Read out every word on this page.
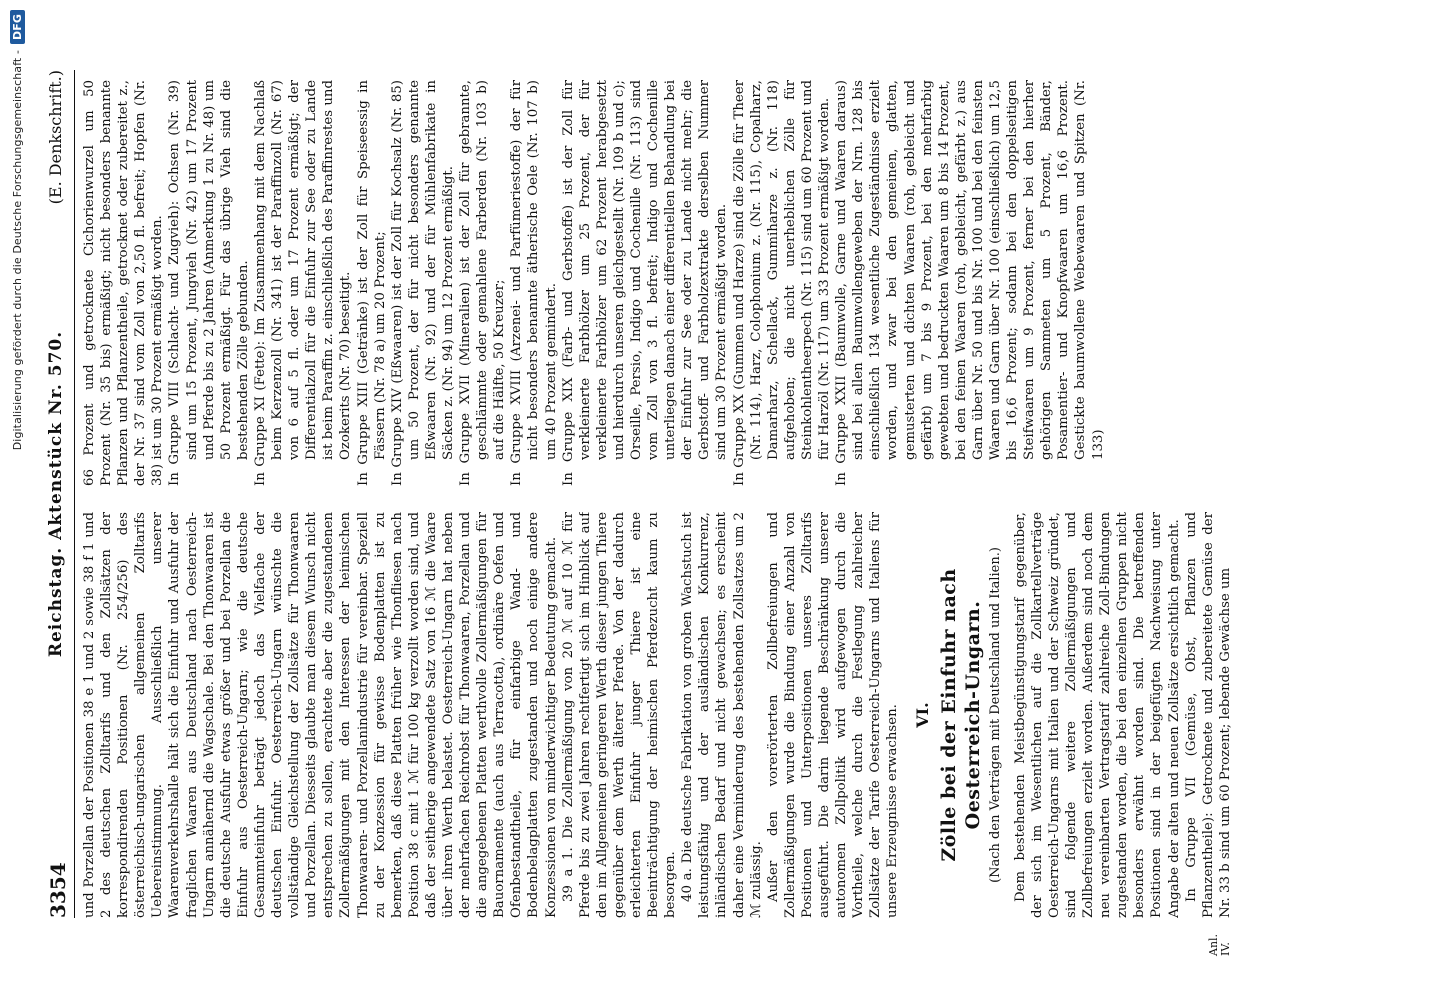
Digitalisierung gefördert durch die Deutsche Forschungsgemeinschaft -
DFG
3354
Reichstag. Aktenstück Nr. 570.
(E. Denkschrift.)

und Porzellan der Positionen 38 e 1 und 2 sowie 38 f 1 und 2 des deutschen Zolltarifs und den Zollsätzen der korrespondirenden Positionen (Nr. 254/256) des österreichisch-ungarischen allgemeinen Zolltarifs Uebereinstimmung. Ausschließlich unserer Waarenverkehrshalle hält sich die Einfuhr und Ausfuhr der fraglichen Waaren aus Deutschland nach Oesterreich-Ungarn annähernd die Wagschale. Bei den Thonwaaren ist die deutsche Ausfuhr etwas größer und bei Porzellan die Einfuhr aus Oesterreich-Ungarn; wie die deutsche Gesammteinfuhr beträgt jedoch das Vielfache der deutschen Einfuhr. Oesterreich-Ungarn wünschte die vollständige Gleichstellung der Zollsätze für Thonwaaren und Porzellan. Diesseits glaubte man diesem Wunsch nicht entsprechen zu sollen, erachtete aber die zugestandenen Zollermäßigungen mit den Interessen der heimischen Thonwaaren- und Porzellanindustrie für vereinbar. Speziell zu der Konzession für gewisse Bodenplatten ist zu bemerken, daß diese Platten früher wie Thonfliesen nach Position 38 c mit 1 ℳ für 100 kg verzollt worden sind, und daß der seitherige angewendete Satz von 16 ℳ die Waare über ihren Werth belastet. Oesterreich-Ungarn hat neben der mehrfachen Reichrobst für Thonwaaren, Porzellan und die angegebenen Platten werthvolle Zollermäßigungen für Bauornamente (auch aus Terracotta), ordinäre Oefen und Ofenbestandtheile, für einfarbige Wand- und Bodenbelagplatten zugestanden und noch einige andere Konzessionen von minderwichtiger Bedeutung gemacht. 39 a 1. Die Zollermäßigung von 20 ℳ auf 10 ℳ für Pferde bis zu zwei Jahren rechtfertigt sich im Hinblick auf den im Allgemeinen geringeren Werth dieser jungen Thiere gegenüber dem Werth älterer Pferde. Von der dadurch erleichterten Einfuhr junger Thiere ist eine Beeinträchtigung der heimischen Pferdezucht kaum zu besorgen. 40 a. Die deutsche Fabrikation von groben Wachstuch ist leistungsfähig und der ausländischen Konkurrenz, inländischen Bedarf und nicht gewachsen; es erscheint daher eine Verminderung des bestehenden Zollsatzes um 2 ℳ zulässig. Außer den vorerörterten Zollbefreiungen und Zollermäßigungen wurde die Bindung einer Anzahl von Positionen und Unterpositionen unseres Zolltarifs ausgeführt. Die darin liegende Beschränkung unserer autonomen Zollpolitik wird aufgewogen durch die Vortheile, welche durch die Festlegung zahlreicher Zollsätze der Tarife Oesterreich-Ungarns und Italiens für unsere Erzeugnisse erwachsen. VI. Zölle bei der Einfuhr nach Oesterreich-Ungarn. (Nach den Verträgen mit Deutschland und Italien.) Dem bestehenden Meistbegünstigungstarif gegenüber, der sich im Wesentlichen auf die Zollkartellverträge Oesterreich-Ungarns mit Italien und der Schweiz gründet, sind folgende weitere Zollermäßigungen und Zollbefreiungen erzielt worden. Außerdem sind noch dem neu vereinbarten Vertragstarif zahlreiche Zoll-Bindungen zugestanden worden, die bei den einzelnen Gruppen nicht besonders erwähnt worden sind. Die betreffenden Positionen sind in der beigefügten Nachweisung unter Angabe der alten und neuen Zollsätze ersichtlich gemacht. In Gruppe VII (Gemüse, Obst, Pflanzen und Pflanzentheile): Getrocknete und zubereitete Gemüse der Nr. 33 b sind um 60 Prozent; lebende Gewächse um

66 Prozent und getrocknete Cichorienwurzel um 50 Prozent (Nr. 35 bis) ermäßigt; nicht besonders benannte Pflanzen und Pflanzentheile, getrocknet oder zubereitet z., der Nr. 37 sind vom Zoll von 2,50 fl. befreit; Hopfen (Nr. 38) ist um 30 Prozent ermäßigt worden. In Gruppe VIII (Schlacht- und Zugvieh): Ochsen (Nr. 39) sind um 15 Prozent, Jungvieh (Nr. 42) um 17 Prozent und Pferde bis zu 2 Jahren (Anmerkung 1 zu Nr. 48) um 50 Prozent ermäßigt. Für das übrige Vieh sind die bestehenden Zölle gebunden. In Gruppe XI (Fette): Im Zusammenhang mit dem Nachlaß beim Kerzenzoll (Nr. 341) ist der Paraffinzoll (Nr. 67) von 6 auf 5 fl. oder um 17 Prozent ermäßigt; der Differentialzoll für die Einfuhr zur See oder zu Lande ist beim Paraffin z. einschließlich des Paraffinrestes und Ozokerits (Nr. 70) beseitigt. In Gruppe XIII (Getränke) ist der Zoll für Speiseessig in Fässern (Nr. 78 a) um 20 Prozent; In Gruppe XIV (Eßwaaren) ist der Zoll für Kochsalz (Nr. 85) um 50 Prozent, der für nicht besonders genannte Eßwaaren (Nr. 92) und der für Mühlenfabrikate in Säcken z. (Nr. 94) um 12 Prozent ermäßigt. In Gruppe XVII (Mineralien) ist der Zoll für gebrannte, geschlämmte oder gemahlene Farberden (Nr. 103 b) auf die Hälfte, 50 Kreuzer; In Gruppe XVIII (Arzenei- und Parfümeriestoffe) der für nicht besonders benannte ätherische Oele (Nr. 107 b) um 40 Prozent gemindert. In Gruppe XIX (Farb- und Gerbstoffe) ist der Zoll für verkleinerte Farbhölzer um 25 Prozent, der für verkleinerte Farbhölzer um 62 Prozent herabgesetzt und hierdurch unseren gleichgestellt (Nr. 109 b und c); Orseille, Persio, Indigo und Cochenille (Nr. 113) sind vom Zoll von 3 fl. befreit; Indigo und Cochenille unterliegen danach einer differentiellen Behandlung bei der Einfuhr zur See oder zu Lande nicht mehr; die Gerbstoff- und Farbholzextrakte derselben Nummer sind um 30 Prozent ermäßigt worden. In Gruppe XX (Gummen und Harze) sind die Zölle für Theer (Nr. 114), Harz, Colophonium z. (Nr. 115), Copalharz, Damarharz, Schellack, Gummiharze z. (Nr. 118) aufgehoben; die nicht unerheblichen Zölle für Steinkohlentheerpech (Nr. 115) sind um 60 Prozent und für Harzöl (Nr. 117) um 33 Prozent ermäßigt worden. In Gruppe XXII (Baumwolle, Garne und Waaren daraus) sind bei allen Baumwollengeweben der Nrn. 128 bis einschließlich 134 wesentliche Zugeständnisse erzielt worden, und zwar bei den gemeinen, glatten, gemusterten und dichten Waaren (roh, gebleicht und gefärbt) um 7 bis 9 Prozent, bei den mehrfarbig gewebten und bedruckten Waaren um 8 bis 14 Prozent, bei den feinen Waaren (roh, gebleicht, gefärbt z.) aus Garn über Nr. 50 und bis Nr. 100 und bei den feinsten Waaren und Garn über Nr. 100 (einschließlich) um 12,5 bis 16,6 Prozent; sodann bei den doppelseitigen Steifwaaren um 9 Prozent, ferner bei den hierher gehörigen Sammeten um 5 Prozent, Bänder, Posamentier- und Knopfwaaren um 16,6 Prozent. Gestickte baumwollene Webewaaren und Spitzen (Nr. 133)

Anl. IV.
